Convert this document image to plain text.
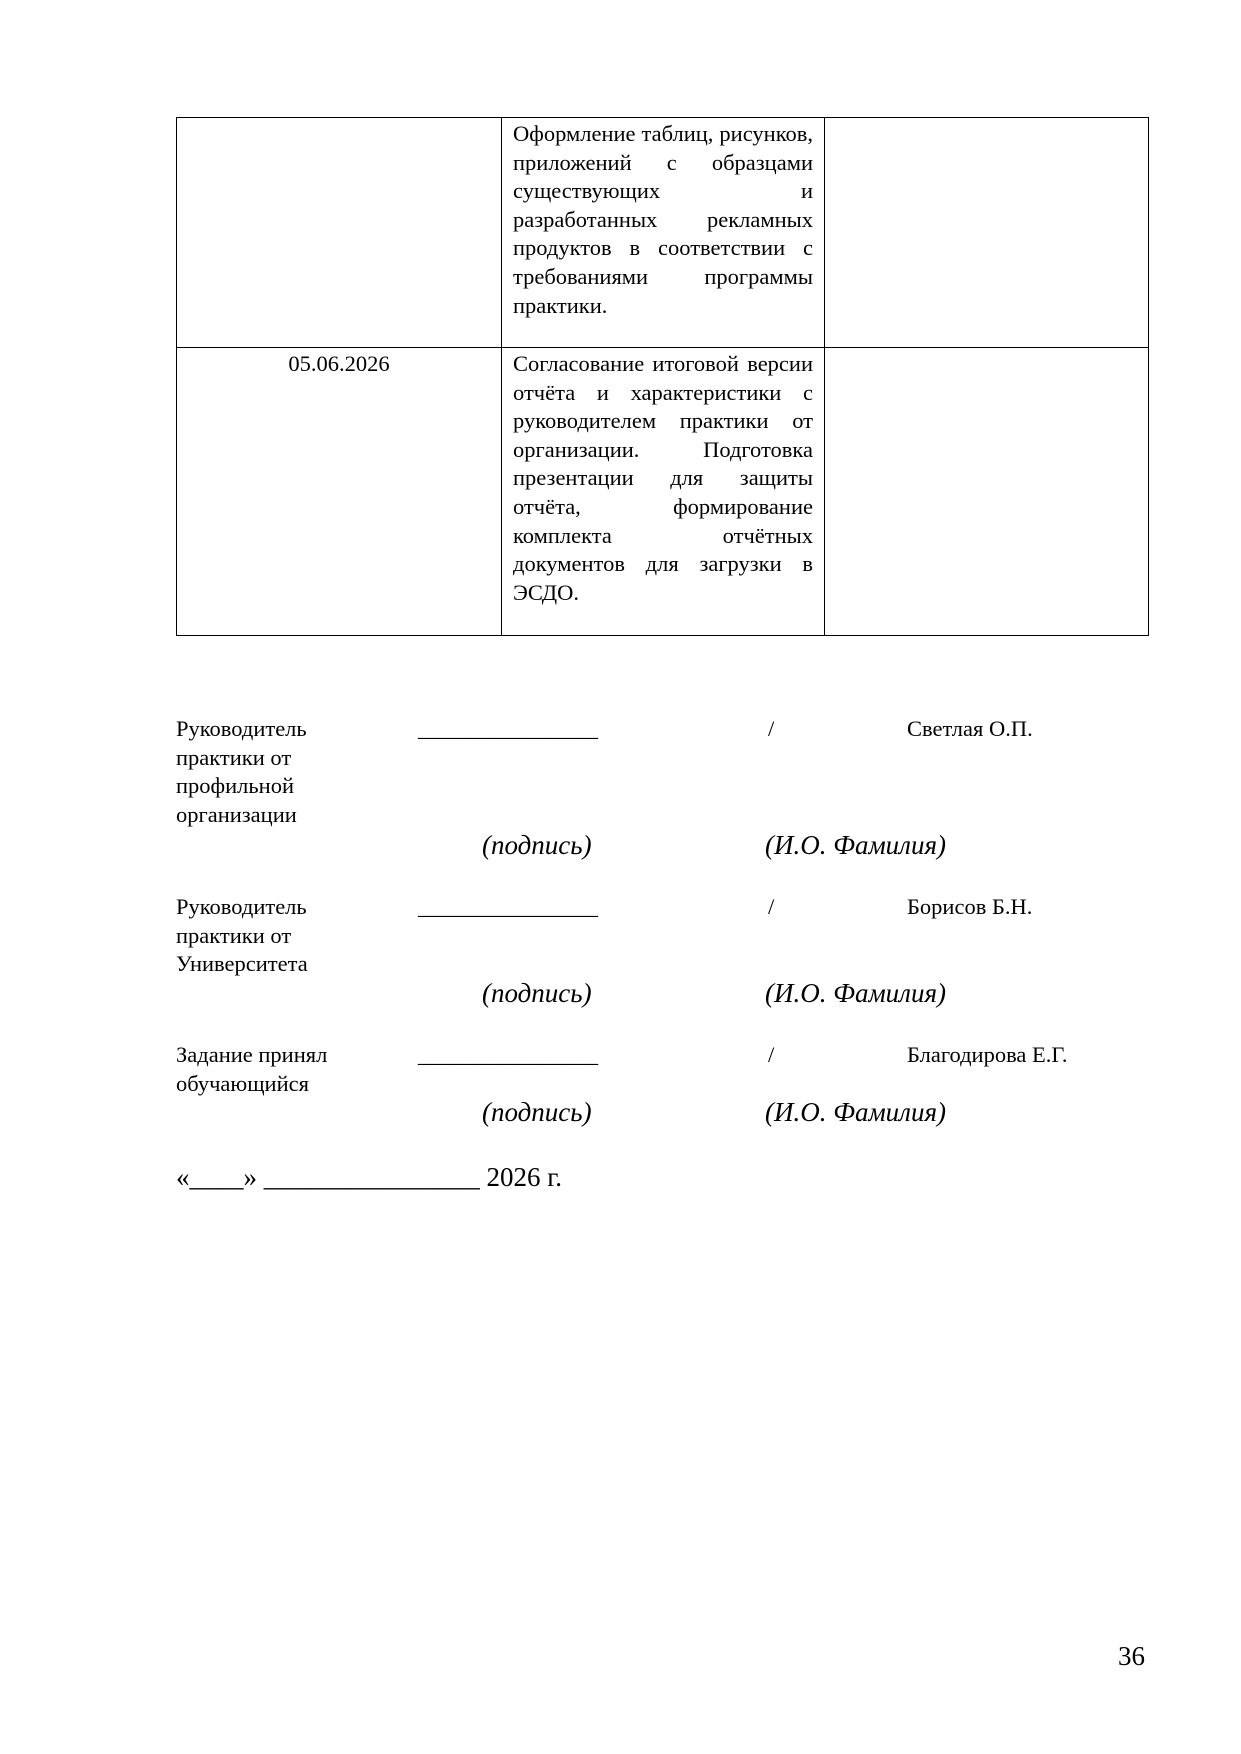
	Оформление таблиц, рисунков, приложений с образцами существующих и разработанных рекламных продуктов в соответствии с требованиями программы практики.	
05.06.2026	Согласование итоговой версии отчёта и характеристики с руководителем практики от организации. Подготовка презентации для защиты отчёта, формирование комплекта отчётных документов для загрузки в ЭСДО.	
Руководитель практики от профильной организации
________________	/	Светлая О.П.
(подпись)	(И.О. Фамилия)
Руководитель практики от Университета
________________	/	Борисов Б.Н.
(подпись)	(И.О. Фамилия)
Задание принял обучающийся
________________	/	Благодирова Е.Г.
(подпись)	(И.О. Фамилия)
«____» ________________ 2026 г.
36
